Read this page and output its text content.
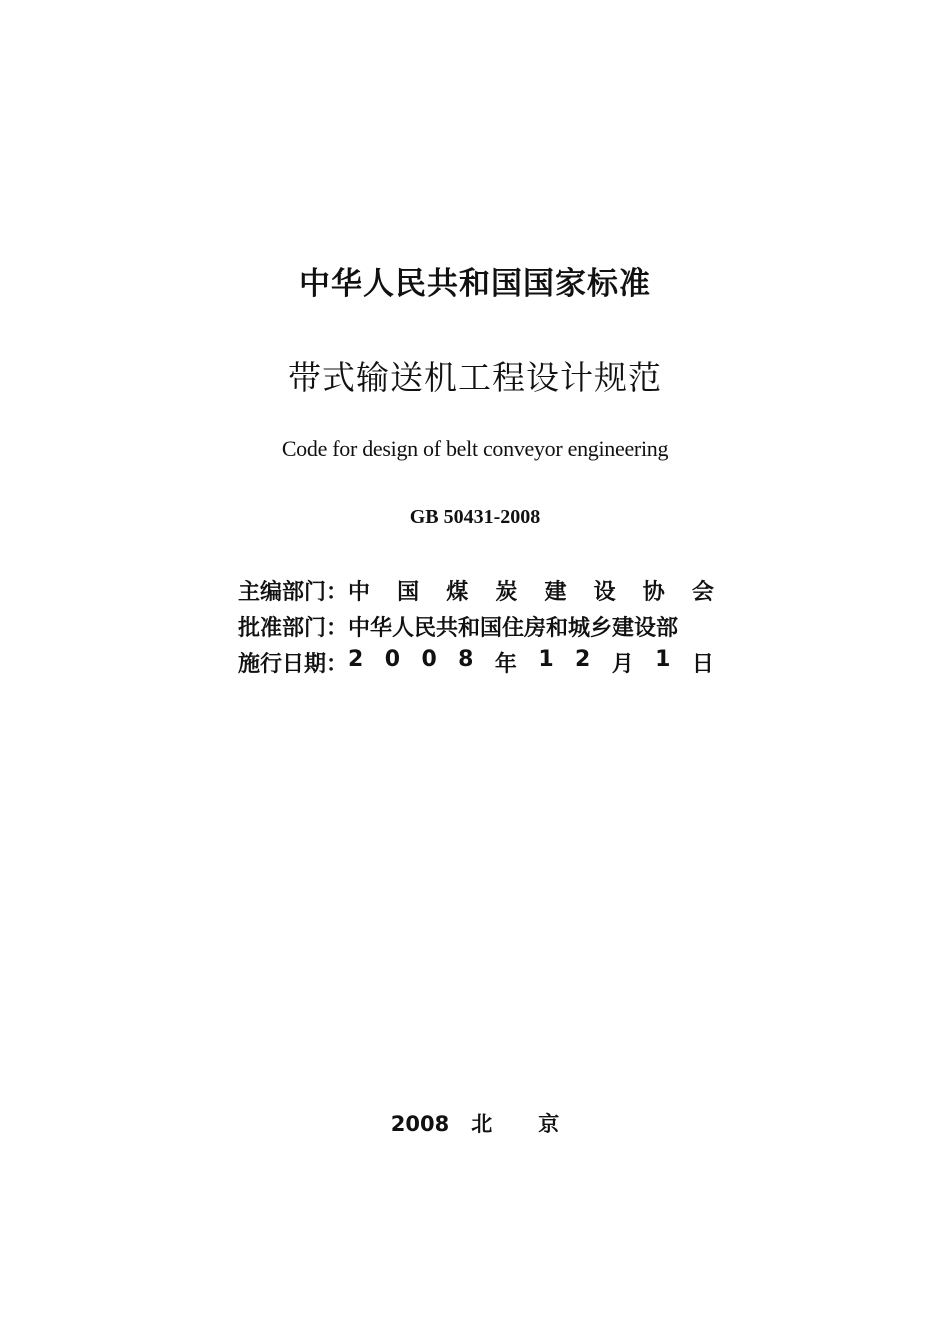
中华人民共和国国家标准
带式输送机工程设计规范
Code for design of belt conveyor engineering
GB 50431-2008
主编部门： 中 国 煤 炭 建 设 协 会
批准部门： 中华人民共和国住房和城乡建设部
施行日期： 2 0 0 8 年 1 2 月 1 日
2008 北 京
